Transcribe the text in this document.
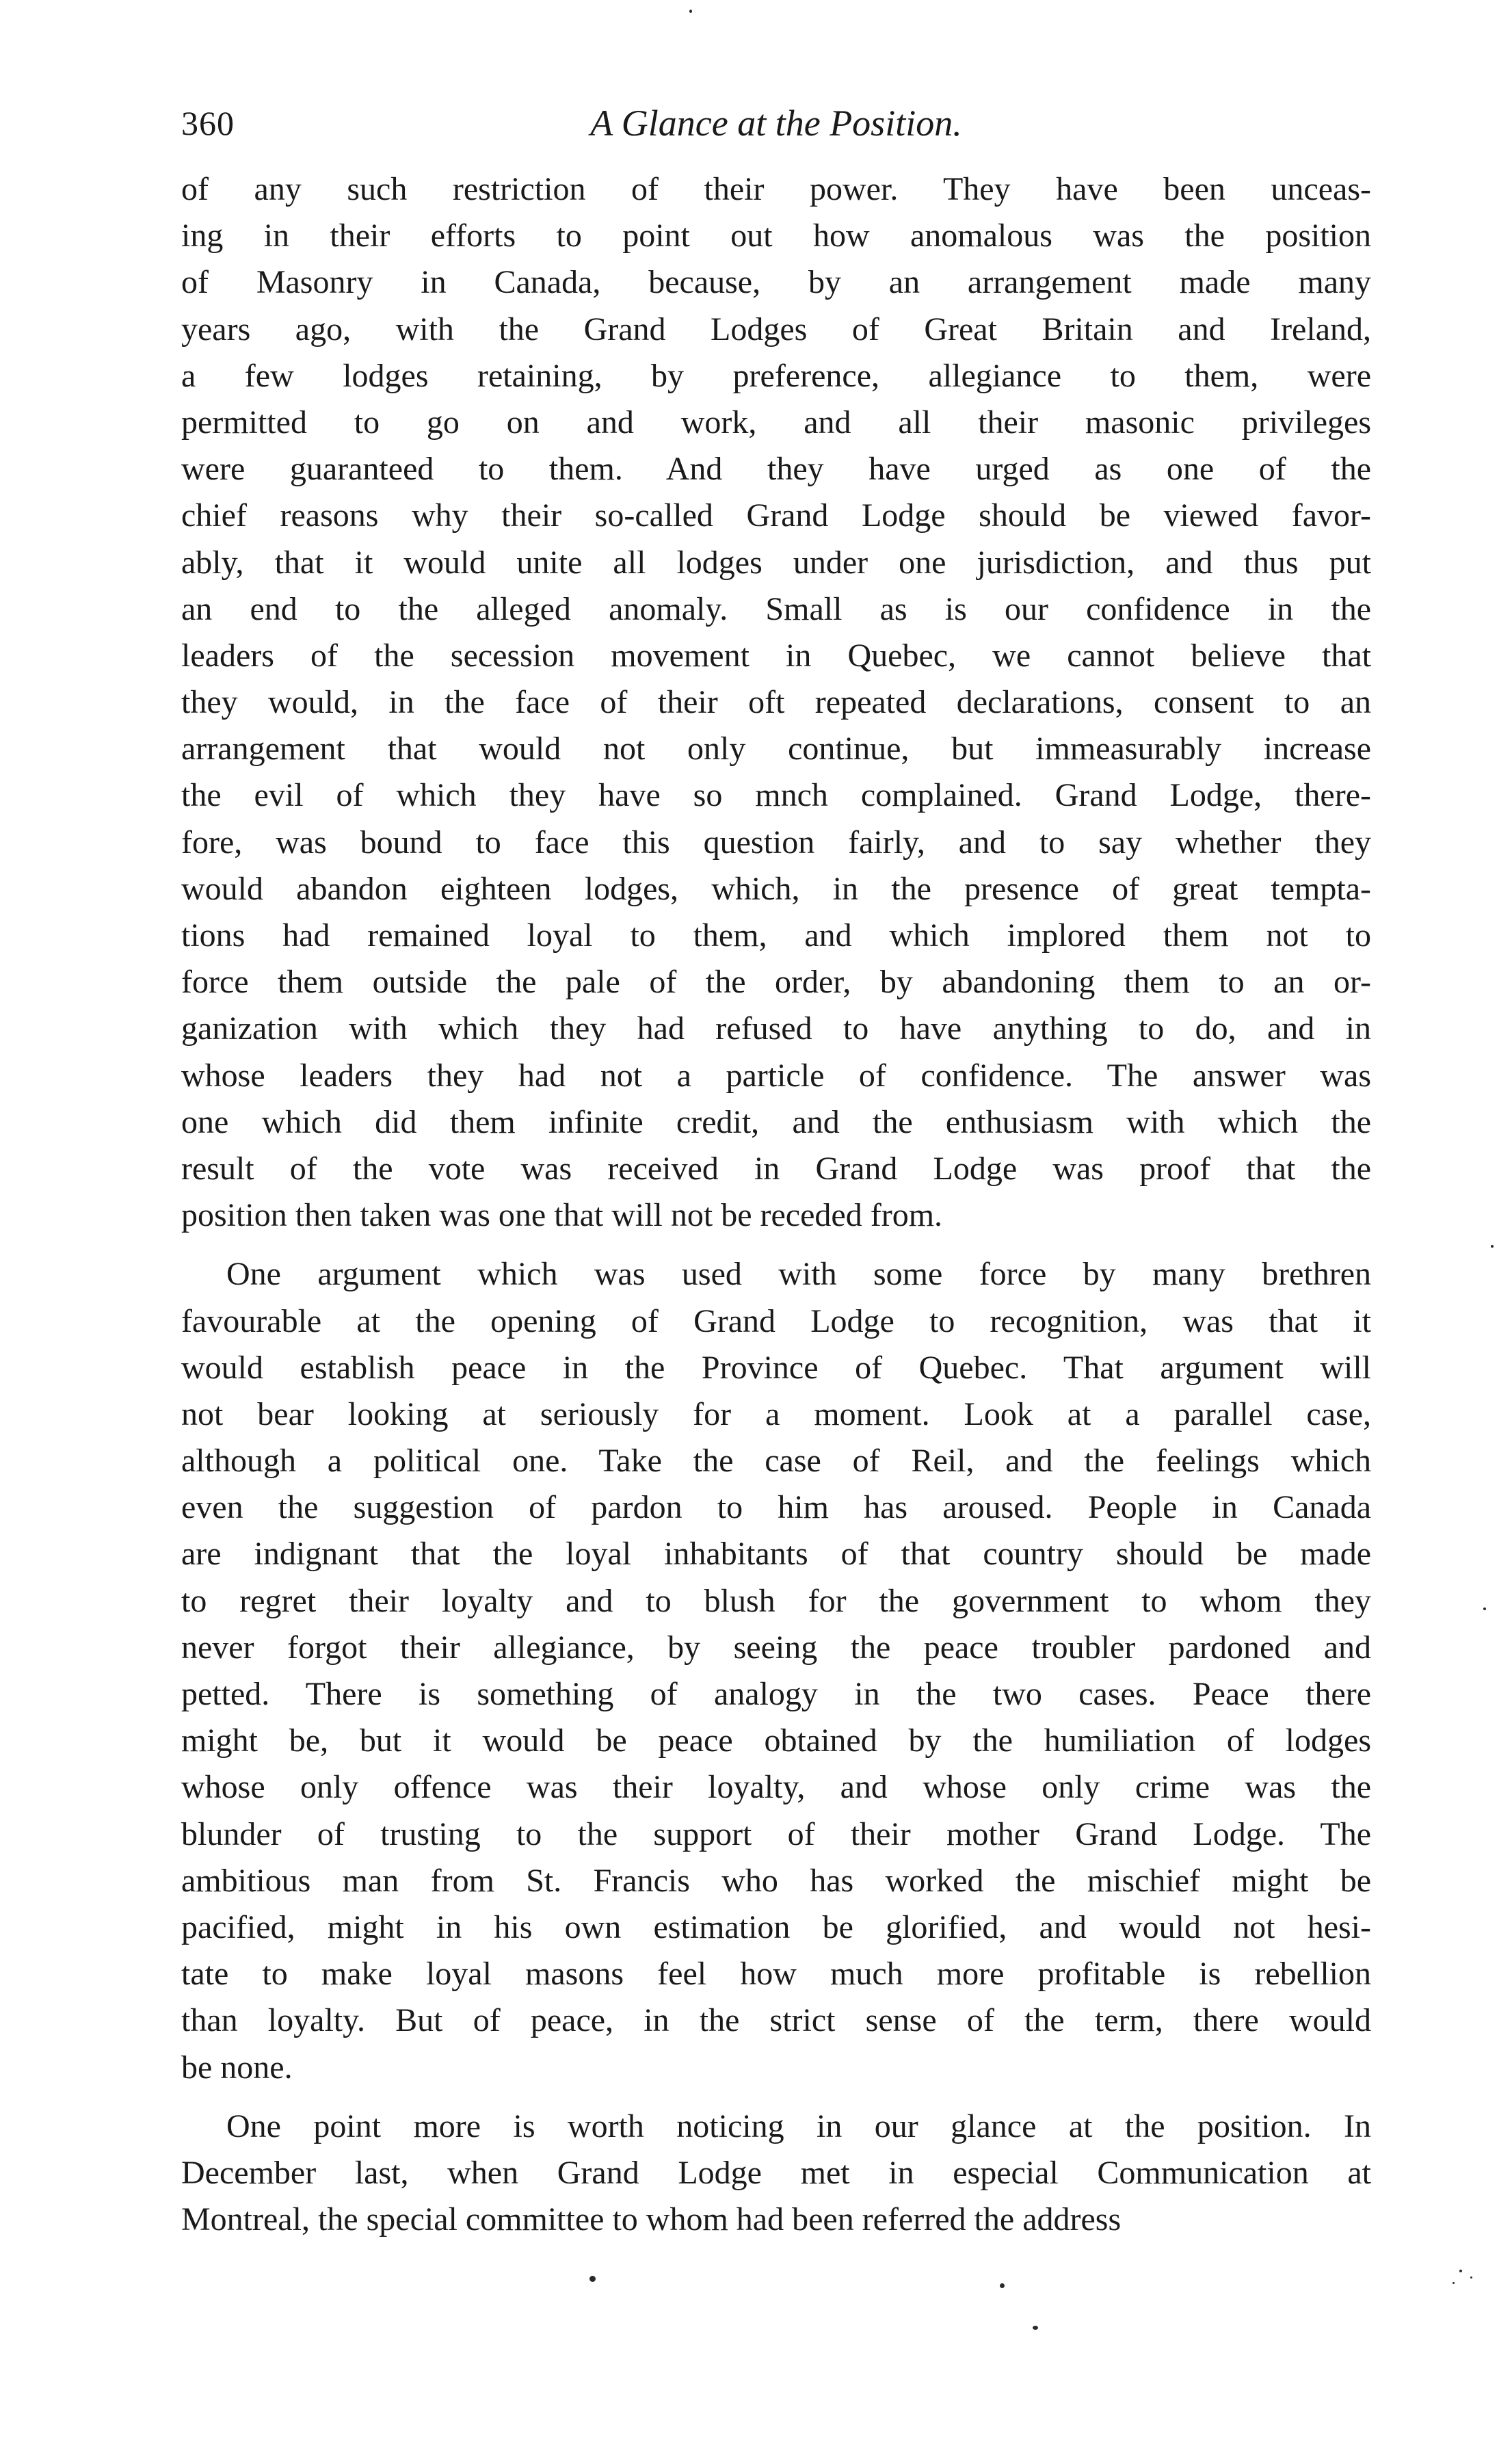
360	A Glance at the Position.
of any such restriction of their power. They have been unceas-
ing in their efforts to point out how anomalous was the position
of Masonry in Canada, because, by an arrangement made many
years ago, with the Grand Lodges of Great Britain and Ireland,
a few lodges retaining, by preference, allegiance to them, were
permitted to go on and work, and all their masonic privileges
were guaranteed to them. And they have urged as one of the
chief reasons why their so-called Grand Lodge should be viewed favor-
ably, that it would unite all lodges under one jurisdiction, and thus put
an end to the alleged anomaly. Small as is our confidence in the
leaders of the secession movement in Quebec, we cannot believe that
they would, in the face of their oft repeated declarations, consent to an
arrangement that would not only continue, but immeasurably increase
the evil of which they have so mnch complained. Grand Lodge, there-
fore, was bound to face this question fairly, and to say whether they
would abandon eighteen lodges, which, in the presence of great tempta-
tions had remained loyal to them, and which implored them not to
force them outside the pale of the order, by abandoning them to an or-
ganization with which they had refused to have anything to do, and in
whose leaders they had not a particle of confidence. The answer was
one which did them infinite credit, and the enthusiasm with which the
result of the vote was received in Grand Lodge was proof that the
position then taken was one that will not be receded from.
One argument which was used with some force by many brethren
favourable at the opening of Grand Lodge to recognition, was that it
would establish peace in the Province of Quebec. That argument will
not bear looking at seriously for a moment. Look at a parallel case,
although a political one. Take the case of Reil, and the feelings which
even the suggestion of pardon to him has aroused. People in Canada
are indignant that the loyal inhabitants of that country should be made
to regret their loyalty and to blush for the government to whom they
never forgot their allegiance, by seeing the peace troubler pardoned and
petted. There is something of analogy in the two cases. Peace there
might be, but it would be peace obtained by the humiliation of lodges
whose only offence was their loyalty, and whose only crime was the
blunder of trusting to the support of their mother Grand Lodge. The
ambitious man from St. Francis who has worked the mischief might be
pacified, might in his own estimation be glorified, and would not hesi-
tate to make loyal masons feel how much more profitable is rebellion
than loyalty. But of peace, in the strict sense of the term, there would
be none.
One point more is worth noticing in our glance at the position. In
December last, when Grand Lodge met in especial Communication at
Montreal, the special committee to whom had been referred the address
